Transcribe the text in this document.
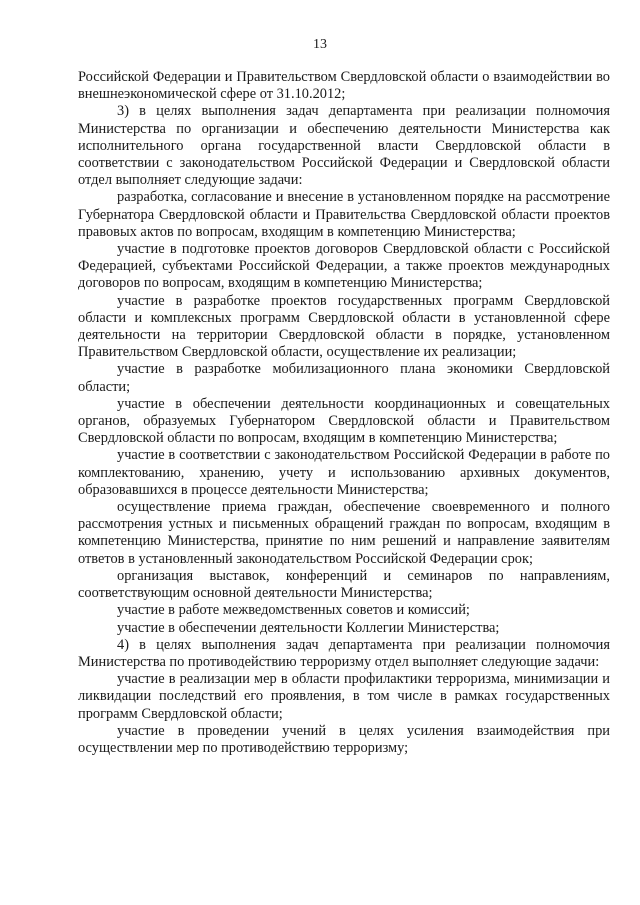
13

Российской Федерации и Правительством Свердловской области о взаимодействии во внешнеэкономической сфере от 31.10.2012;

3) в целях выполнения задач департамента при реализации полномочия Министерства по организации и обеспечению деятельности Министерства как исполнительного органа государственной власти Свердловской области в соответствии с законодательством Российской Федерации и Свердловской области отдел выполняет следующие задачи:

разработка, согласование и внесение в установленном порядке на рассмотрение Губернатора Свердловской области и Правительства Свердловской области проектов правовых актов по вопросам, входящим в компетенцию Министерства;

участие в подготовке проектов договоров Свердловской области с Российской Федерацией, субъектами Российской Федерации, а также проектов международных договоров по вопросам, входящим в компетенцию Министерства;

участие в разработке проектов государственных программ Свердловской области и комплексных программ Свердловской области в установленной сфере деятельности на территории Свердловской области в порядке, установленном Правительством Свердловской области, осуществление их реализации;

участие в разработке мобилизационного плана экономики Свердловской области;

участие в обеспечении деятельности координационных и совещательных органов, образуемых Губернатором Свердловской области и Правительством Свердловской области по вопросам, входящим в компетенцию Министерства;

участие в соответствии с законодательством Российской Федерации в работе по комплектованию, хранению, учету и использованию архивных документов, образовавшихся в процессе деятельности Министерства;

осуществление приема граждан, обеспечение своевременного и полного рассмотрения устных и письменных обращений граждан по вопросам, входящим в компетенцию Министерства, принятие по ним решений и направление заявителям ответов в установленный законодательством Российской Федерации срок;

организация выставок, конференций и семинаров по направлениям, соответствующим основной деятельности Министерства;

участие в работе межведомственных советов и комиссий;

участие в обеспечении деятельности Коллегии Министерства;

4) в целях выполнения задач департамента при реализации полномочия Министерства по противодействию терроризму отдел выполняет следующие задачи:

участие в реализации мер в области профилактики терроризма, минимизации и ликвидации последствий его проявления, в том числе в рамках государственных программ Свердловской области;

участие в проведении учений в целях усиления взаимодействия при осуществлении мер по противодействию терроризму;
